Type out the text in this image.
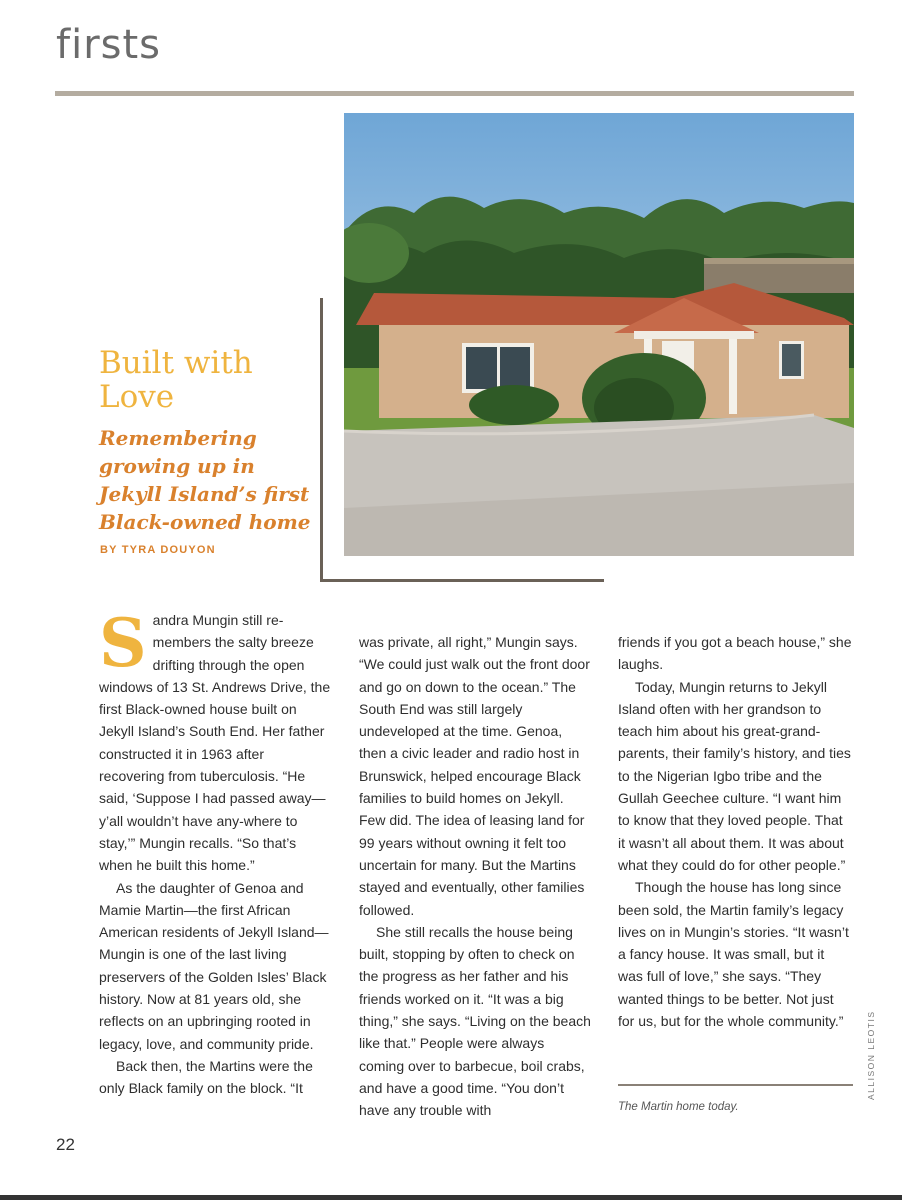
firsts
Built with Love
Remembering growing up in Jekyll Island’s first Black-owned home
BY TYRA DOUYON

Sandra Mungin still re-members the salty breeze drifting through the open windows of 13 St. Andrews Drive, the first Black-owned house built on Jekyll Island’s South End. Her father constructed it in 1963 after recovering from tuberculosis. “He said, ‘Suppose I had passed away—y’all wouldn’t have any-where to stay,’” Mungin recalls. “So that’s when he built this home.”

As the daughter of Genoa and Mamie Martin—the first African American residents of Jekyll Island—Mungin is one of the last living preservers of the Golden Isles’ Black history. Now at 81 years old, she reflects on an upbringing rooted in legacy, love, and community pride.

Back then, the Martins were the only Black family on the block. “It

was private, all right,” Mungin says. “We could just walk out the front door and go on down to the ocean.” The South End was still largely undeveloped at the time. Genoa, then a civic leader and radio host in Brunswick, helped encourage Black families to build homes on Jekyll. Few did. The idea of leasing land for 99 years without owning it felt too uncertain for many. But the Martins stayed and eventually, other families followed.

She still recalls the house being built, stopping by often to check on the progress as her father and his friends worked on it. “It was a big thing,” she says. “Living on the beach like that.” People were always coming over to barbecue, boil crabs, and have a good time. “You don’t have any trouble with

friends if you got a beach house,” she laughs.

Today, Mungin returns to Jekyll Island often with her grandson to teach him about his great-grand-parents, their family’s history, and ties to the Nigerian Igbo tribe and the Gullah Geechee culture. “I want him to know that they loved people. That it wasn’t all about them. It was about what they could do for other people.”

Though the house has long since been sold, the Martin family’s legacy lives on in Mungin’s stories. “It wasn’t a fancy house. It was small, but it was full of love,” she says. “They wanted things to be better. Not just for us, but for the whole community.”

The Martin home today.
ALLISON LEOTIS
22
